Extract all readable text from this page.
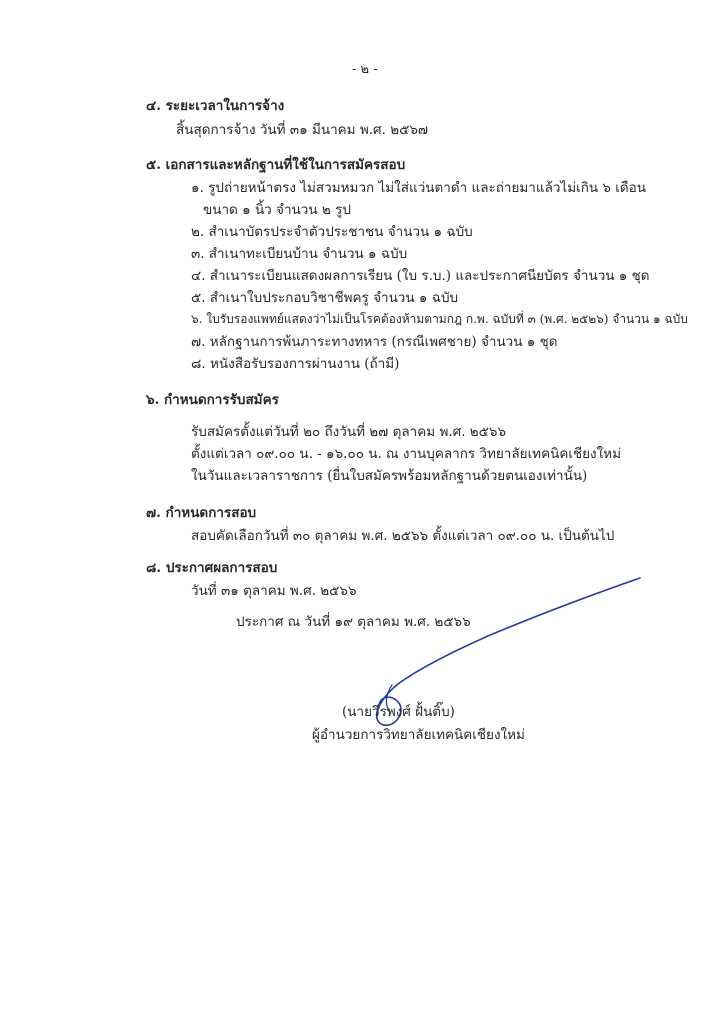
- ๒ -
๔. ระยะเวลาในการจ้าง
สิ้นสุดการจ้าง วันที่ ๓๑ มีนาคม พ.ศ. ๒๕๖๗
๕. เอกสารและหลักฐานที่ใช้ในการสมัครสอบ
๑. รูปถ่ายหน้าตรง ไม่สวมหมวก ไม่ใส่แว่นตาดำ และถ่ายมาแล้วไม่เกิน ๖ เดือน
ขนาด ๑ นิ้ว จำนวน ๒ รูป
๒. สำเนาบัตรประจำตัวประชาชน จำนวน ๑ ฉบับ
๓. สำเนาทะเบียนบ้าน จำนวน ๑ ฉบับ
๔. สำเนาระเบียนแสดงผลการเรียน (ใบ ร.บ.) และประกาศนียบัตร จำนวน ๑ ชุด
๕. สำเนาใบประกอบวิชาชีพครู จำนวน ๑ ฉบับ
๖. ใบรับรองแพทย์แสดงว่าไม่เป็นโรคต้องห้ามตามกฎ ก.พ. ฉบับที่ ๓ (พ.ศ. ๒๕๒๖) จำนวน ๑ ฉบับ
๗. หลักฐานการพ้นภาระทางทหาร (กรณีเพศชาย) จำนวน ๑ ชุด
๘. หนังสือรับรองการผ่านงาน (ถ้ามี)
๖. กำหนดการรับสมัคร
รับสมัครตั้งแต่วันที่ ๒๐ ถึงวันที่ ๒๗ ตุลาคม พ.ศ. ๒๕๖๖
ตั้งแต่เวลา ๐๙.๐๐ น. - ๑๖.๐๐ น. ณ งานบุคลากร วิทยาลัยเทคนิคเชียงใหม่
ในวันและเวลาราชการ (ยื่นใบสมัครพร้อมหลักฐานด้วยตนเองเท่านั้น)
๗. กำหนดการสอบ
สอบคัดเลือกวันที่ ๓๐ ตุลาคม พ.ศ. ๒๕๖๖ ตั้งแต่เวลา ๐๙.๐๐ น. เป็นต้นไป
๘. ประกาศผลการสอบ
วันที่ ๓๑ ตุลาคม พ.ศ. ๒๕๖๖
ประกาศ ณ วันที่ ๑๙ ตุลาคม พ.ศ. ๒๕๖๖
(นายวีรพงศ์ ฝั้นติ๊บ)
ผู้อำนวยการวิทยาลัยเทคนิคเชียงใหม่
